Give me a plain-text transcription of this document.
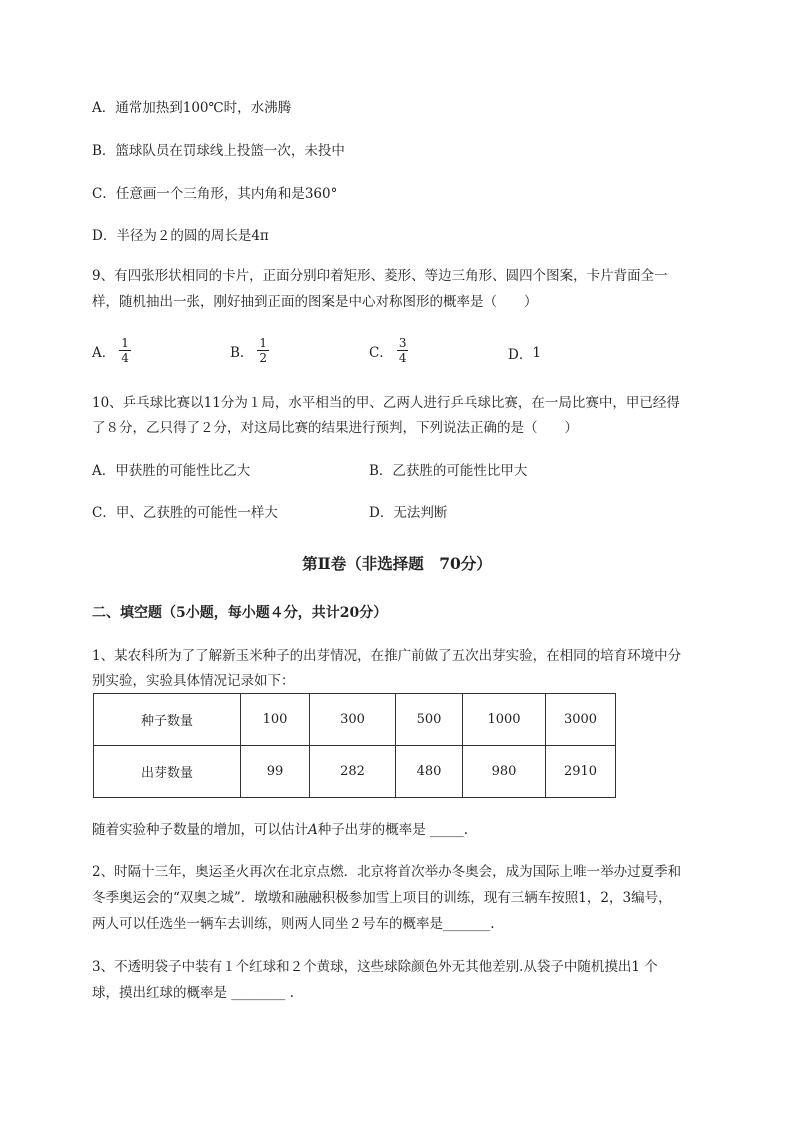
A．通常加热到100℃时，水沸腾
B．篮球队员在罚球线上投篮一次，未投中
C．任意画一个三角形，其内角和是360°
D．半径为２的圆的周长是4π
9、有四张形状相同的卡片，正面分别印着矩形、菱形、等边三角形、圆四个图案，卡片背面全一
样，随机抽出一张，刚好抽到正面的图案是中心对称图形的概率是（　　）
A． $\frac{1}{4}$	B． $\frac{1}{2}$	C． $\frac{3}{4}$	D． 1
10、乒乓球比赛以11分为１局，水平相当的甲、乙两人进行乒乓球比赛，在一局比赛中，甲已经得
了８分，乙只得了２分，对这局比赛的结果进行预判，下列说法正确的是（　　）
A．甲获胜的可能性比乙大	B．乙获胜的可能性比甲大
C．甲、乙获胜的可能性一样大	D．无法判断
第Ⅱ卷（非选择题　70分）
二、填空题（5小题，每小题４分，共计20分）
1、某农科所为了了解新玉米种子的出芽情况，在推广前做了五次出芽实验，在相同的培育环境中分
别实验，实验具体情况记录如下：
种子数量	100	300	500	1000	3000
出芽数量	99	282	480	980	2910
随着实验种子数量的增加，可以估计A种子出芽的概率是 _____.
2、时隔十三年，奥运圣火再次在北京点燃．北京将首次举办冬奥会，成为国际上唯一举办过夏季和
冬季奥运会的“双奥之城”．墩墩和融融积极参加雪上项目的训练，现有三辆车按照1，2，3编号，
两人可以任选坐一辆车去训练，则两人同坐２号车的概率是_______.
3、不透明袋子中装有１个红球和２个黄球，这些球除颜色外无其他差别.从袋子中随机摸出1 个
球，摸出红球的概率是 ________ .
